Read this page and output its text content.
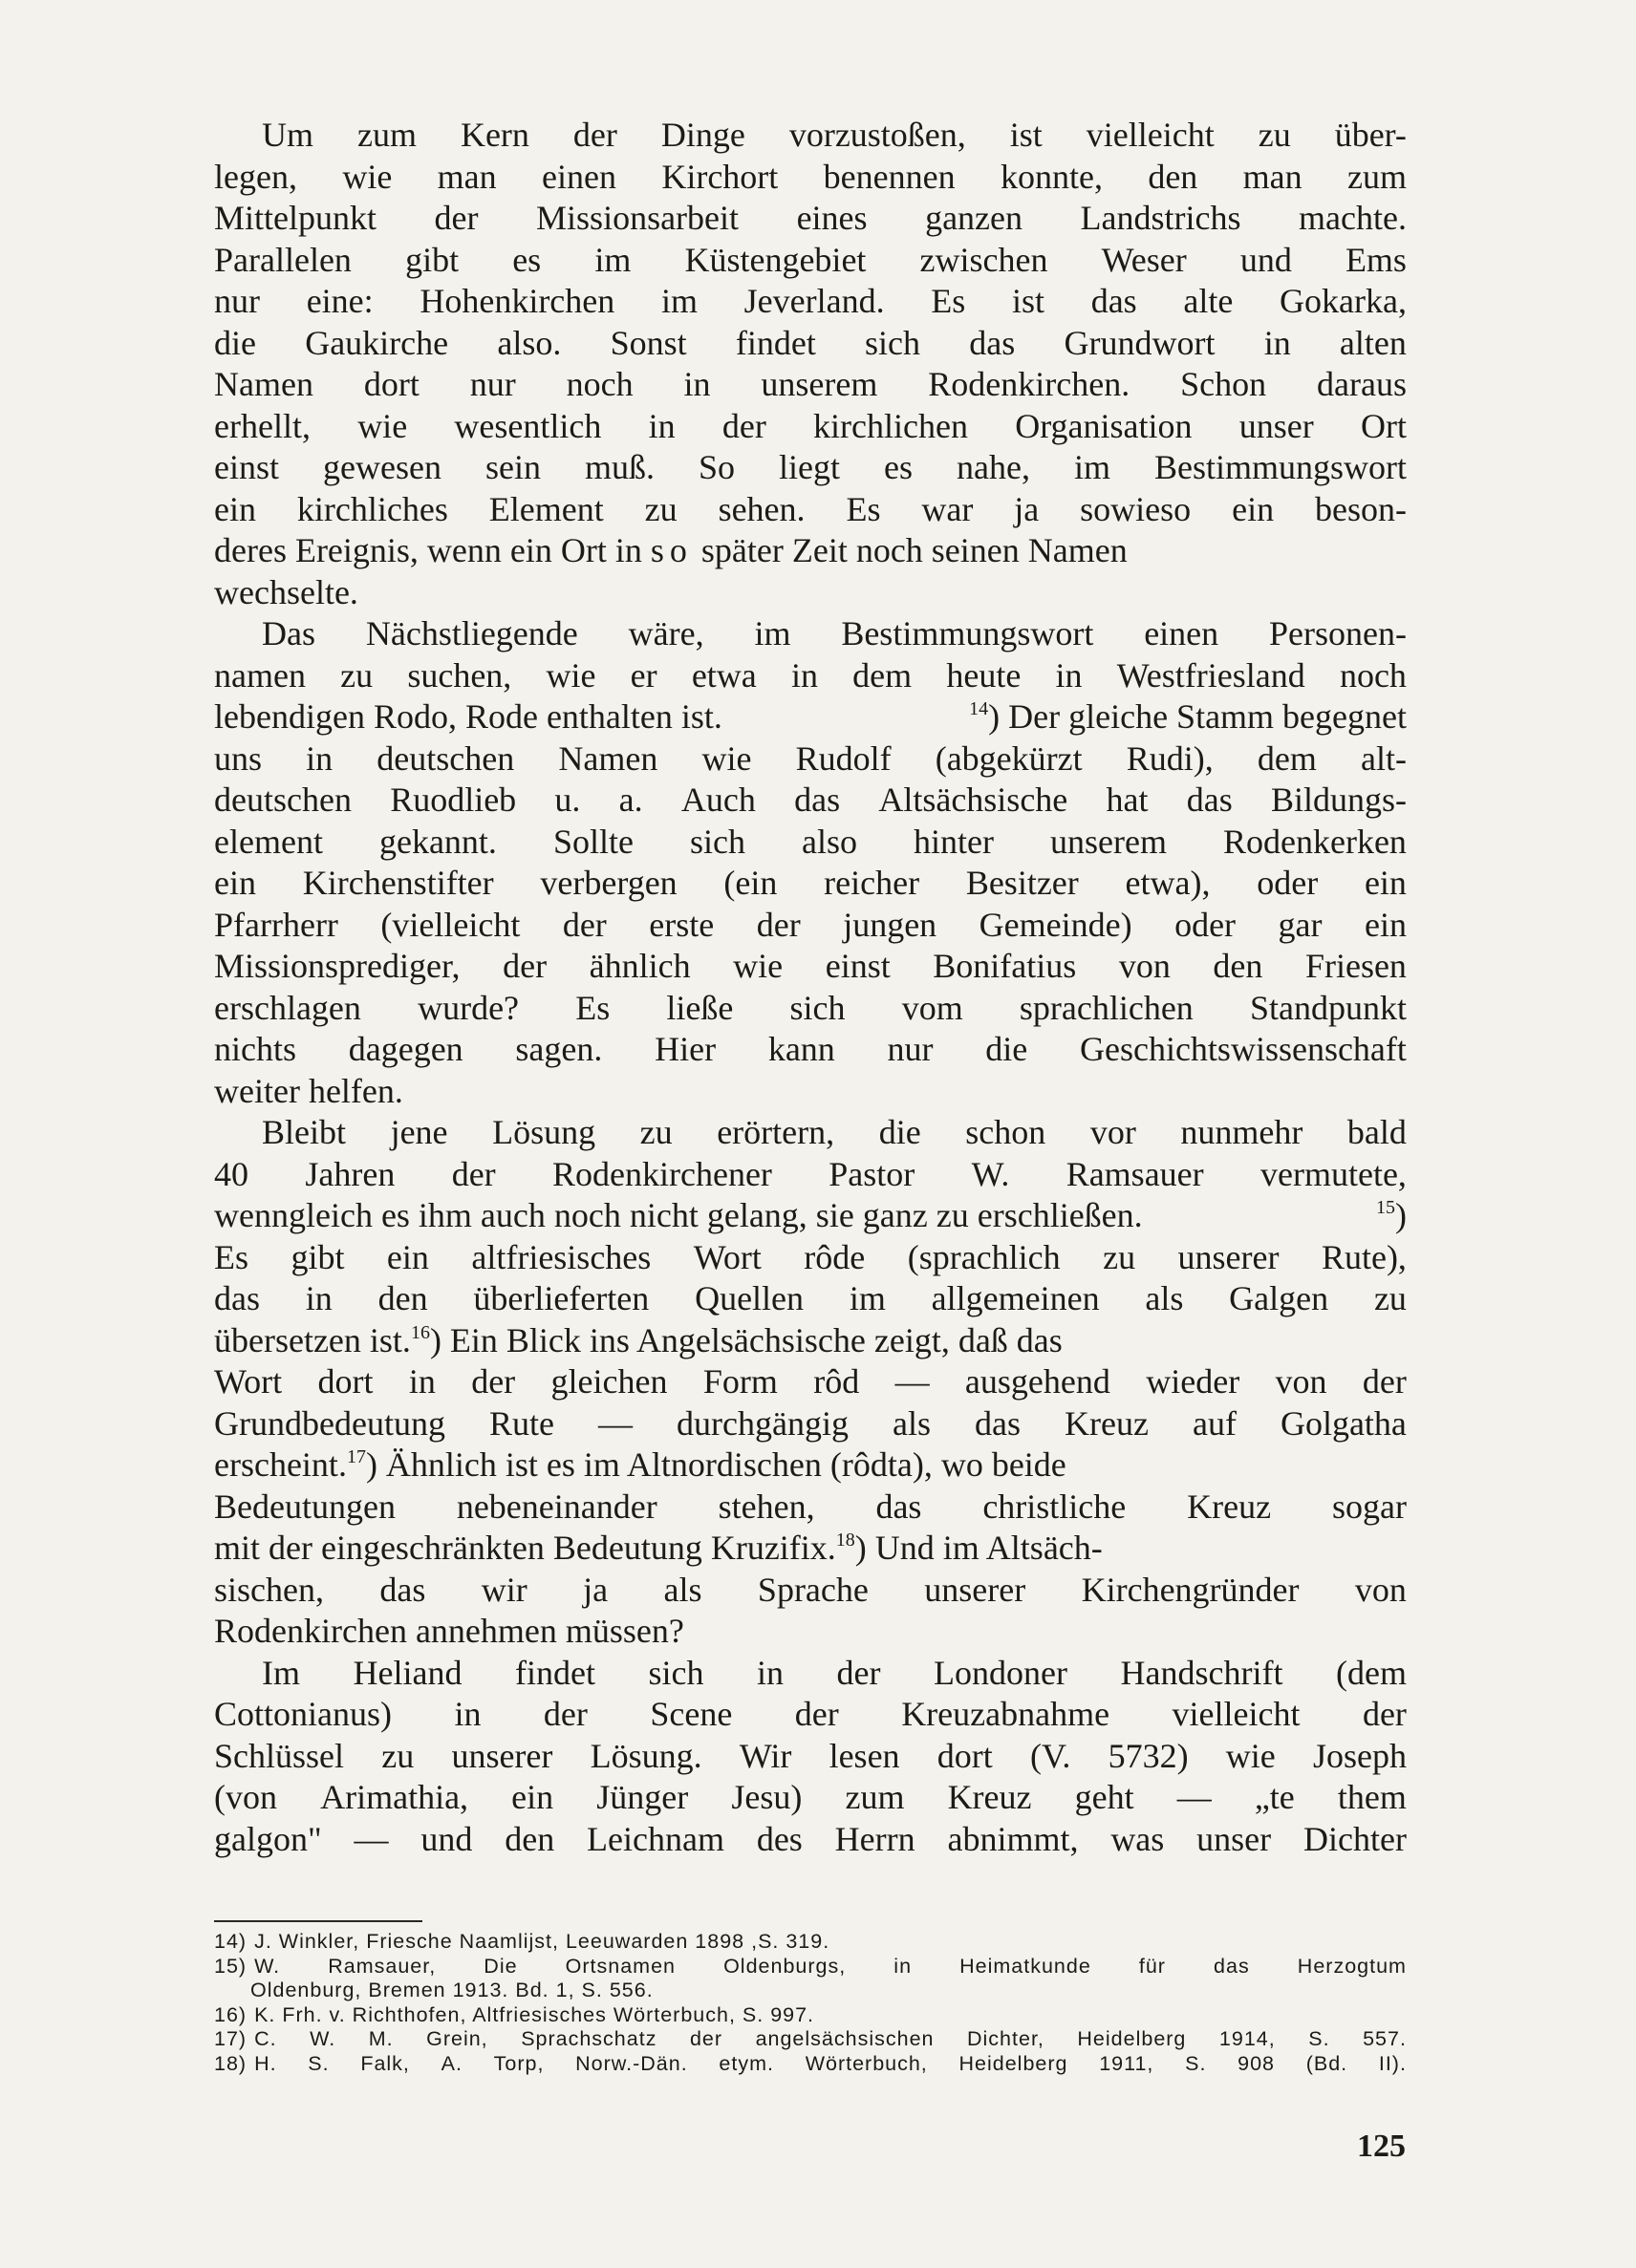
Um zum Kern der Dinge vorzustoßen, ist vielleicht zu über-
legen, wie man einen Kirchort benennen konnte, den man zum
Mittelpunkt der Missionsarbeit eines ganzen Landstrichs machte.
Parallelen gibt es im Küstengebiet zwischen Weser und Ems
nur eine: Hohenkirchen im Jeverland. Es ist das alte Gokarka,
die Gaukirche also. Sonst findet sich das Grundwort in alten
Namen dort nur noch in unserem Rodenkirchen. Schon daraus
erhellt, wie wesentlich in der kirchlichen Organisation unser Ort
einst gewesen sein muß. So liegt es nahe, im Bestimmungswort
ein kirchliches Element zu sehen. Es war ja sowieso ein beson-
deres Ereignis, wenn ein Ort in so später Zeit noch seinen Namen
wechselte.
Das Nächstliegende wäre, im Bestimmungswort einen Personen-
namen zu suchen, wie er etwa in dem heute in Westfriesland noch
lebendigen Rodo, Rode enthalten ist.	$^{14}$) Der gleiche Stamm begegnet
uns in deutschen Namen wie Rudolf (abgekürzt Rudi), dem alt-
deutschen Ruodlieb u. a. Auch das Altsächsische hat das Bildungs-
element gekannt. Sollte sich also hinter unserem Rodenkerken
ein Kirchenstifter verbergen (ein reicher Besitzer etwa), oder ein
Pfarrherr (vielleicht der erste der jungen Gemeinde) oder gar ein
Missionsprediger, der ähnlich wie einst Bonifatius von den Friesen
erschlagen wurde? Es ließe sich vom sprachlichen Standpunkt
nichts dagegen sagen. Hier kann nur die Geschichtswissenschaft
weiter helfen.
Bleibt jene Lösung zu erörtern, die schon vor nunmehr bald
40 Jahren der Rodenkirchener Pastor W. Ramsauer vermutete,
wenngleich es ihm auch noch nicht gelang, sie ganz zu erschließen.	$^{15}$)
Es gibt ein altfriesisches Wort rôde (sprachlich zu unserer Rute),
das in den überlieferten Quellen im allgemeinen als Galgen zu
übersetzen ist.$^{16}$) Ein Blick ins Angelsächsische zeigt, daß das
Wort dort in der gleichen Form rôd — ausgehend wieder von der
Grundbedeutung Rute — durchgängig als das Kreuz auf Golgatha
erscheint.$^{17}$) Ähnlich ist es im Altnordischen (rôdta), wo beide
Bedeutungen nebeneinander stehen, das christliche Kreuz sogar
mit der eingeschränkten Bedeutung Kruzifix.$^{18}$) Und im Altsäch-
sischen, das wir ja als Sprache unserer Kirchengründer von
Rodenkirchen annehmen müssen?
Im Heliand findet sich in der Londoner Handschrift (dem
Cottonianus) in der Scene der Kreuzabnahme vielleicht der
Schlüssel zu unserer Lösung. Wir lesen dort (V. 5732) wie Joseph
(von Arimathia, ein Jünger Jesu) zum Kreuz geht — „te them
galgon" — und den Leichnam des Herrn abnimmt, was unser Dichter
14) J. Winkler, Friesche Naamlijst, Leeuwarden 1898 ,S. 319.
15) W. Ramsauer, Die Ortsnamen Oldenburgs, in Heimatkunde für das Herzogtum
Oldenburg, Bremen 1913. Bd. 1, S. 556.
16) K. Frh. v. Richthofen, Altfriesisches Wörterbuch, S. 997.
17) C. W. M. Grein, Sprachschatz der angelsächsischen Dichter, Heidelberg 1914, S. 557.
18) H. S. Falk, A. Torp, Norw.-Dän. etym. Wörterbuch, Heidelberg 1911, S. 908 (Bd. II).
125
